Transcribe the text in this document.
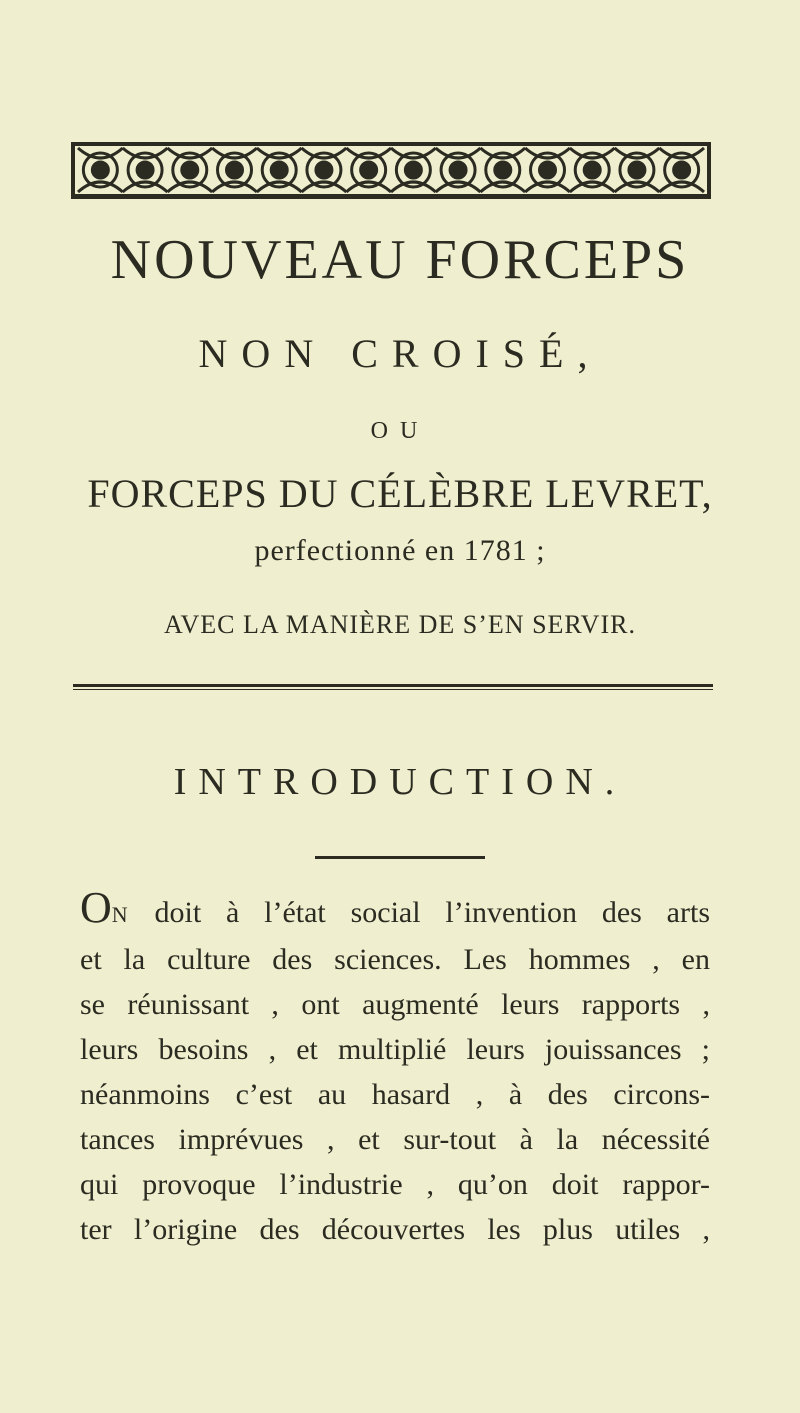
NOUVEAU FORCEPS
NON CROISÉ,
OU
FORCEPS DU CÉLÈBRE LEVRET,
perfectionné en 1781 ;
AVEC LA MANIÈRE DE S’EN SERVIR.
INTRODUCTION.
ON doit à l’état social l’invention des arts
et la culture des sciences. Les hommes , en
se réunissant , ont augmenté leurs rapports ,
leurs besoins , et multiplié leurs jouissances ;
néanmoins c’est au hasard , à des circons-
tances imprévues , et sur-tout à la nécessité
qui provoque l’industrie , qu’on doit rappor-
ter l’origine des découvertes les plus utiles ,
